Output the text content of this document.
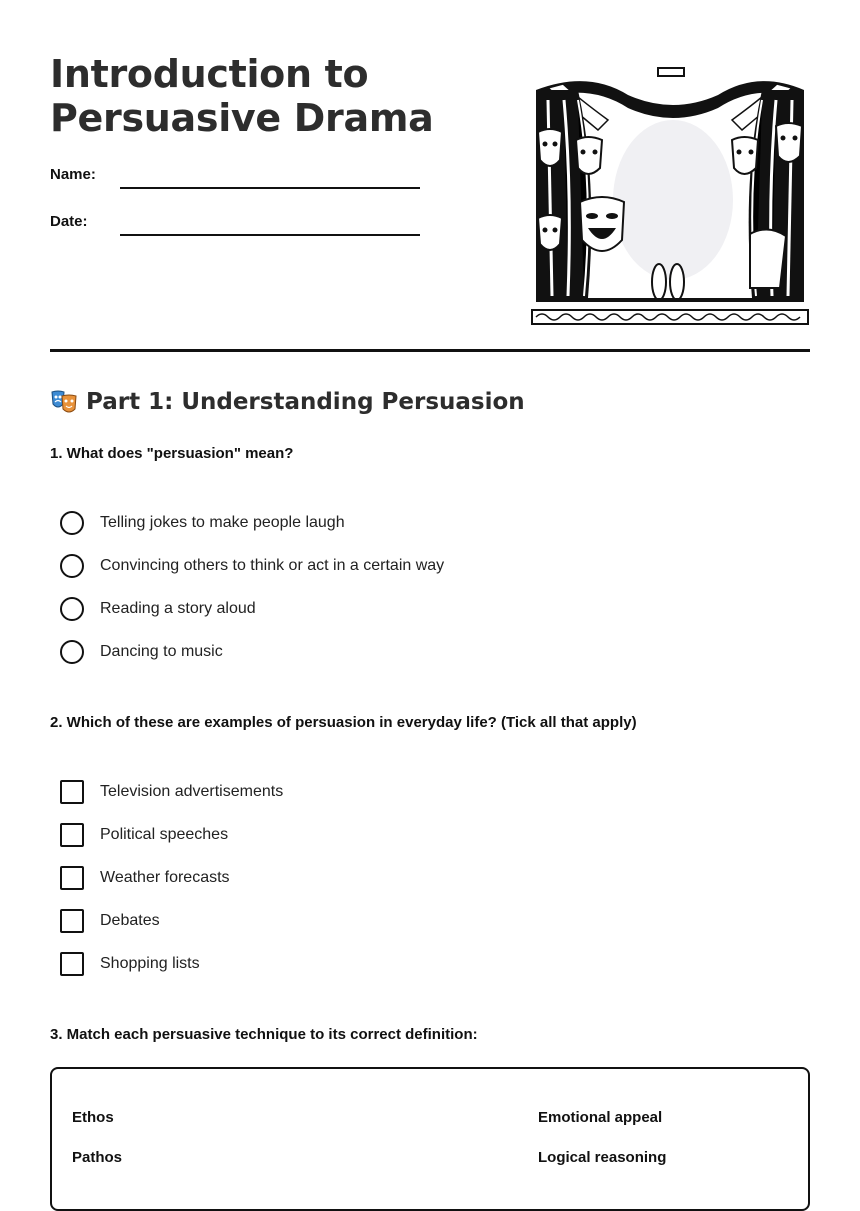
Introduction to
Persuasive Drama
Name:
Date:
Part 1: Understanding Persuasion
1. What does "persuasion" mean?
Telling jokes to make people laugh
Convincing others to think or act in a certain way
Reading a story aloud
Dancing to music
2. Which of these are examples of persuasion in everyday life? (Tick all that apply)
Television advertisements
Political speeches
Weather forecasts
Debates
Shopping lists
3. Match each persuasive technique to its correct definition:
Ethos
Pathos
Emotional appeal
Logical reasoning
